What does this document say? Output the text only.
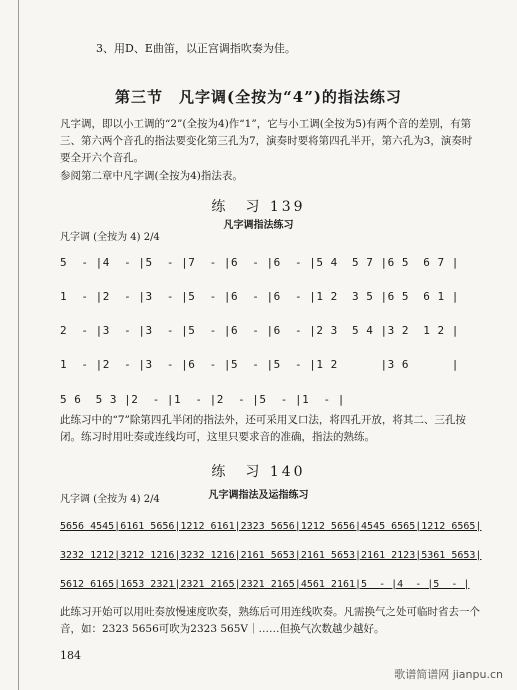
3、用D、E曲笛，以正宫调指吹奏为佳。
第三节　凡字调(全按为“4”)的指法练习
凡字调，即以小工调的“2”(全按为4)作“1”，它与小工调(全按为5)有两个音的差别，有第三、第六两个音孔的指法要变化第三孔为7，演奏时要将第四孔半开，第六孔为3，演奏时要全开六个音孔。
参阅第二章中凡字调(全按为4)指法表。
练　习 139
凡字调指法练习
凡字调 (全按为 4) 2/4
5  - |4  - |5  - |7  - |6  - |6  - |5 4  5 7 |6 5  6 7 |
1  - |2  - |3  - |5  - |6  - |6  - |1 2  3 5 |6 5  6 1 |
2  - |3  - |3  - |5  - |6  - |6  - |2 3  5 4 |3 2  1 2 |
1  - |2  - |3  - |6  - |5  - |5  - |1 2      |3 6      |
5 6  5 3 |2  - |1  - |2  - |5  - |1  - |
此练习中的“7”除第四孔半闭的指法外，还可采用叉口法，将四孔开放，将其二、三孔按闭。练习时用吐奏或连线均可，这里只要求音的准确，指法的熟练。
练　习 140
凡字调指法及运指练习
凡字调 (全按为 4) 2/4
5656 4545|6161 5656|1212 6161|2323 5656|1212 5656|4545 6565|1212 6565|
3232 1212|3212 1216|3232 1216|2161 5653|2161 5653|2161 2123|5361 5653|
5612 6165|1653 2321|2321 2165|2321 2165|4561 2161|5  - |4  - |5  - |
此练习开始可以用吐奏放慢速度吹奏，熟练后可用连线吹奏。凡需换气之处可临时省去一个音，如：2323 5656可吹为2323 565V｜……但换气次数越少越好。
184
歌谱简谱网 jianpu.cn
